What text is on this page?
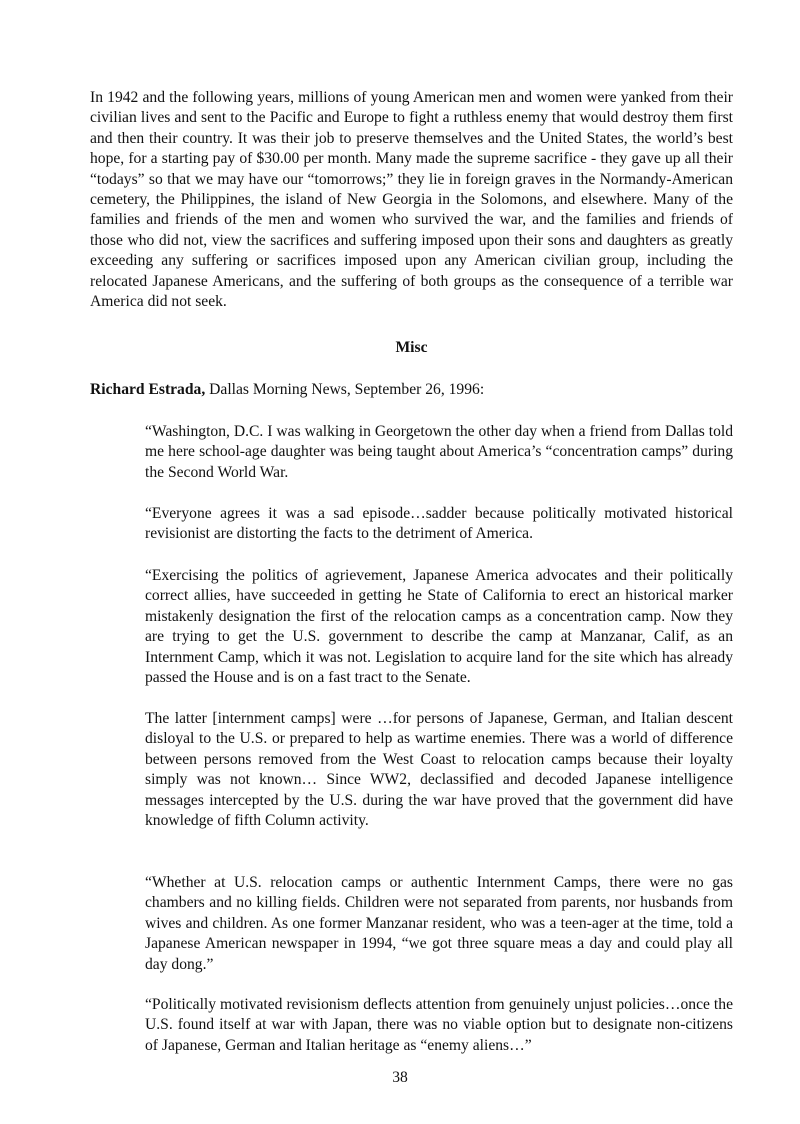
In 1942 and the following years, millions of young American men and women were yanked from their civilian lives and sent to the Pacific and Europe to fight a ruthless enemy that would destroy them first and then their country. It was their job to preserve themselves and the United States, the world’s best hope, for a starting pay of $30.00 per month. Many made the supreme sacrifice - they gave up all their “todays” so that we may have our “tomorrows;” they lie in foreign graves in the Normandy-American cemetery, the Philippines, the island of New Georgia in the Solomons, and elsewhere. Many of the families and friends of the men and women who survived the war, and the families and friends of those who did not, view the sacrifices and suffering imposed upon their sons and daughters as greatly exceeding any suffering or sacrifices imposed upon any American civilian group, including the relocated Japanese Americans, and the suffering of both groups as the consequence of a terrible war America did not seek.

Misc
Richard Estrada, Dallas Morning News, September 26, 1996:

“Washington, D.C. I was walking in Georgetown the other day when a friend from Dallas told me here school-age daughter was being taught about America’s “concentration camps” during the Second World War.

“Everyone agrees it was a sad episode…sadder because politically motivated historical revisionist are distorting the facts to the detriment of America.

“Exercising the politics of agrievement, Japanese America advocates and their politically correct allies, have succeeded in getting he State of California to erect an historical marker mistakenly designation the first of the relocation camps as a concentration camp. Now they are trying to get the U.S. government to describe the camp at Manzanar, Calif, as an Internment Camp, which it was not. Legislation to acquire land for the site which has already passed the House and is on a fast tract to the Senate.

The latter [internment camps] were …for persons of Japanese, German, and Italian descent disloyal to the U.S. or prepared to help as wartime enemies. There was a world of difference between persons removed from the West Coast to relocation camps because their loyalty simply was not known… Since WW2, declassified and decoded Japanese intelligence messages intercepted by the U.S. during the war have proved that the government did have knowledge of fifth Column activity.

“Whether at U.S. relocation camps or authentic Internment Camps, there were no gas chambers and no killing fields. Children were not separated from parents, nor husbands from wives and children. As one former Manzanar resident, who was a teen-ager at the time, told a Japanese American newspaper in 1994, “we got three square meas a day and could play all day dong.”

“Politically motivated revisionism deflects attention from genuinely unjust policies…once the U.S. found itself at war with Japan, there was no viable option but to designate non-citizens of Japanese, German and Italian heritage as “enemy aliens…”

38
